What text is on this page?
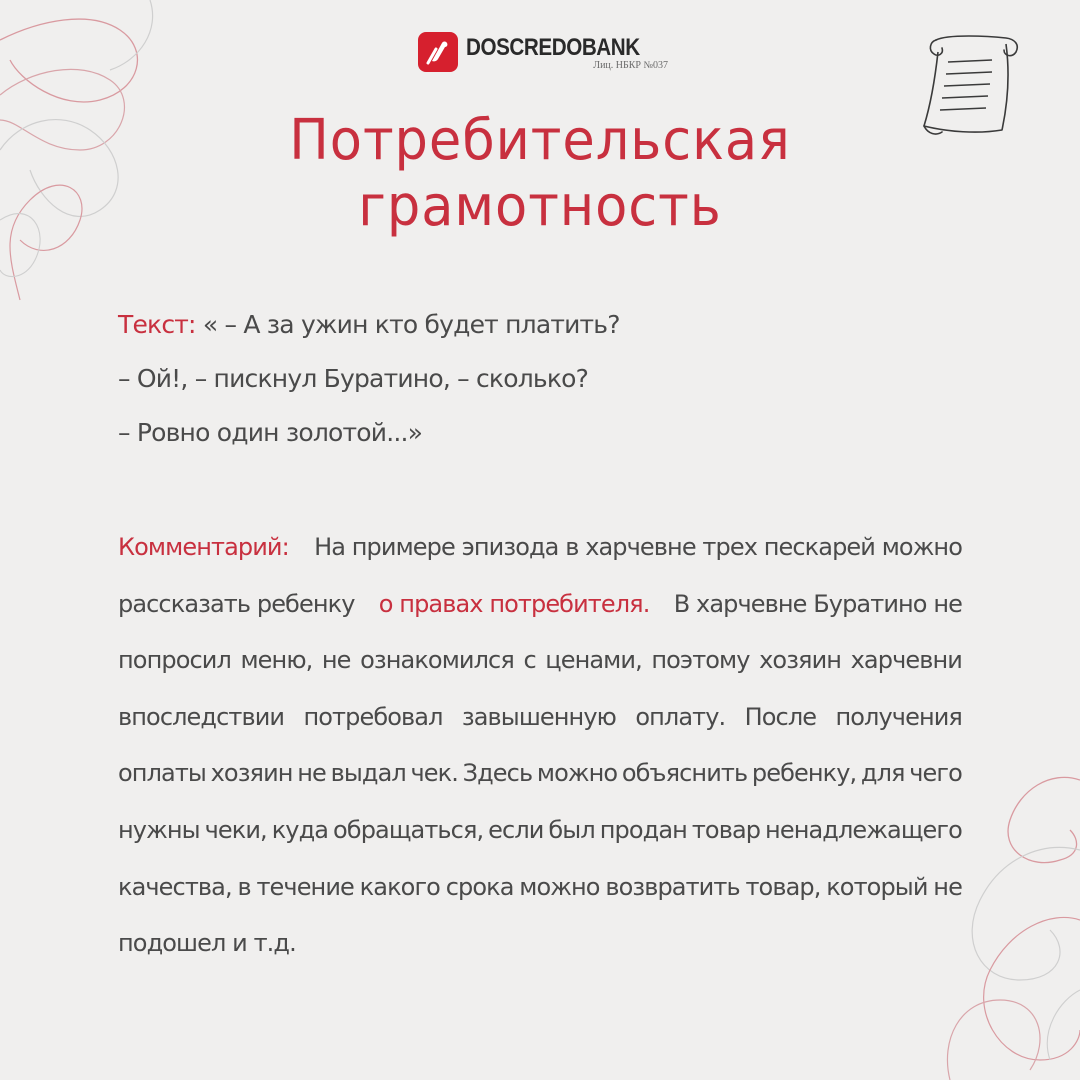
DOSCREDOBANK
Лиц. НБКР №037
Потребительская
грамотность

Текст: « – А за ужин кто будет платить?

– Ой!, – пискнул Буратино, – сколько?

– Ровно один золотой...»

Комментарий: На примере эпизода в харчевне трех пескарей можно

рассказать ребенку о правах потребителя. В харчевне Буратино не

попросил меню, не ознакомился с ценами, поэтому хозяин харчевни

впоследствии потребовал завышенную оплату. После получения

оплаты хозяин не выдал чек. Здесь можно объяснить ребенку, для чего

нужны чеки, куда обращаться, если был продан товар ненадлежащего

качества, в течение какого срока можно возвратить товар, который не

подошел и т.д.
